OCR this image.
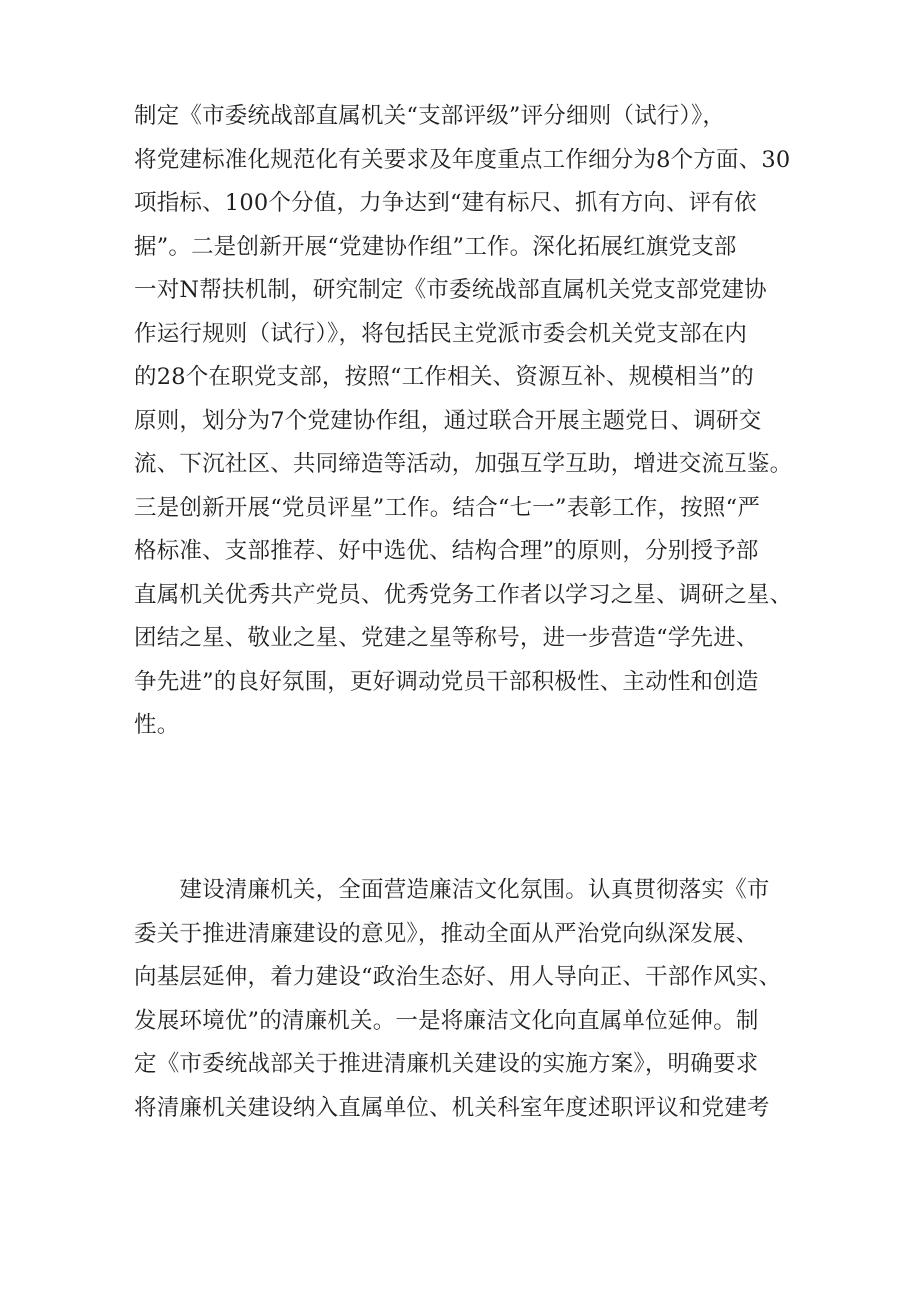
制定《市委统战部直属机关“支部评级”评分细则（试行）》，
将党建标准化规范化有关要求及年度重点工作细分为8个方面、30
项指标、100个分值，力争达到“建有标尺、抓有方向、评有依
据”。二是创新开展“党建协作组”工作。深化拓展红旗党支部
一对N帮扶机制，研究制定《市委统战部直属机关党支部党建协
作运行规则（试行）》，将包括民主党派市委会机关党支部在内
的28个在职党支部，按照“工作相关、资源互补、规模相当”的
原则，划分为7个党建协作组，通过联合开展主题党日、调研交
流、下沉社区、共同缔造等活动，加强互学互助，增进交流互鉴。
三是创新开展“党员评星”工作。结合“七一”表彰工作，按照“严
格标准、支部推荐、好中选优、结构合理”的原则，分别授予部
直属机关优秀共产党员、优秀党务工作者以学习之星、调研之星、
团结之星、敬业之星、党建之星等称号，进一步营造“学先进、
争先进”的良好氛围，更好调动党员干部积极性、主动性和创造
性。
　　建设清廉机关，全面营造廉洁文化氛围。认真贯彻落实《市
委关于推进清廉建设的意见》，推动全面从严治党向纵深发展、
向基层延伸，着力建设“政治生态好、用人导向正、干部作风实、
发展环境优”的清廉机关。一是将廉洁文化向直属单位延伸。制
定《市委统战部关于推进清廉机关建设的实施方案》，明确要求
将清廉机关建设纳入直属单位、机关科室年度述职评议和党建考
